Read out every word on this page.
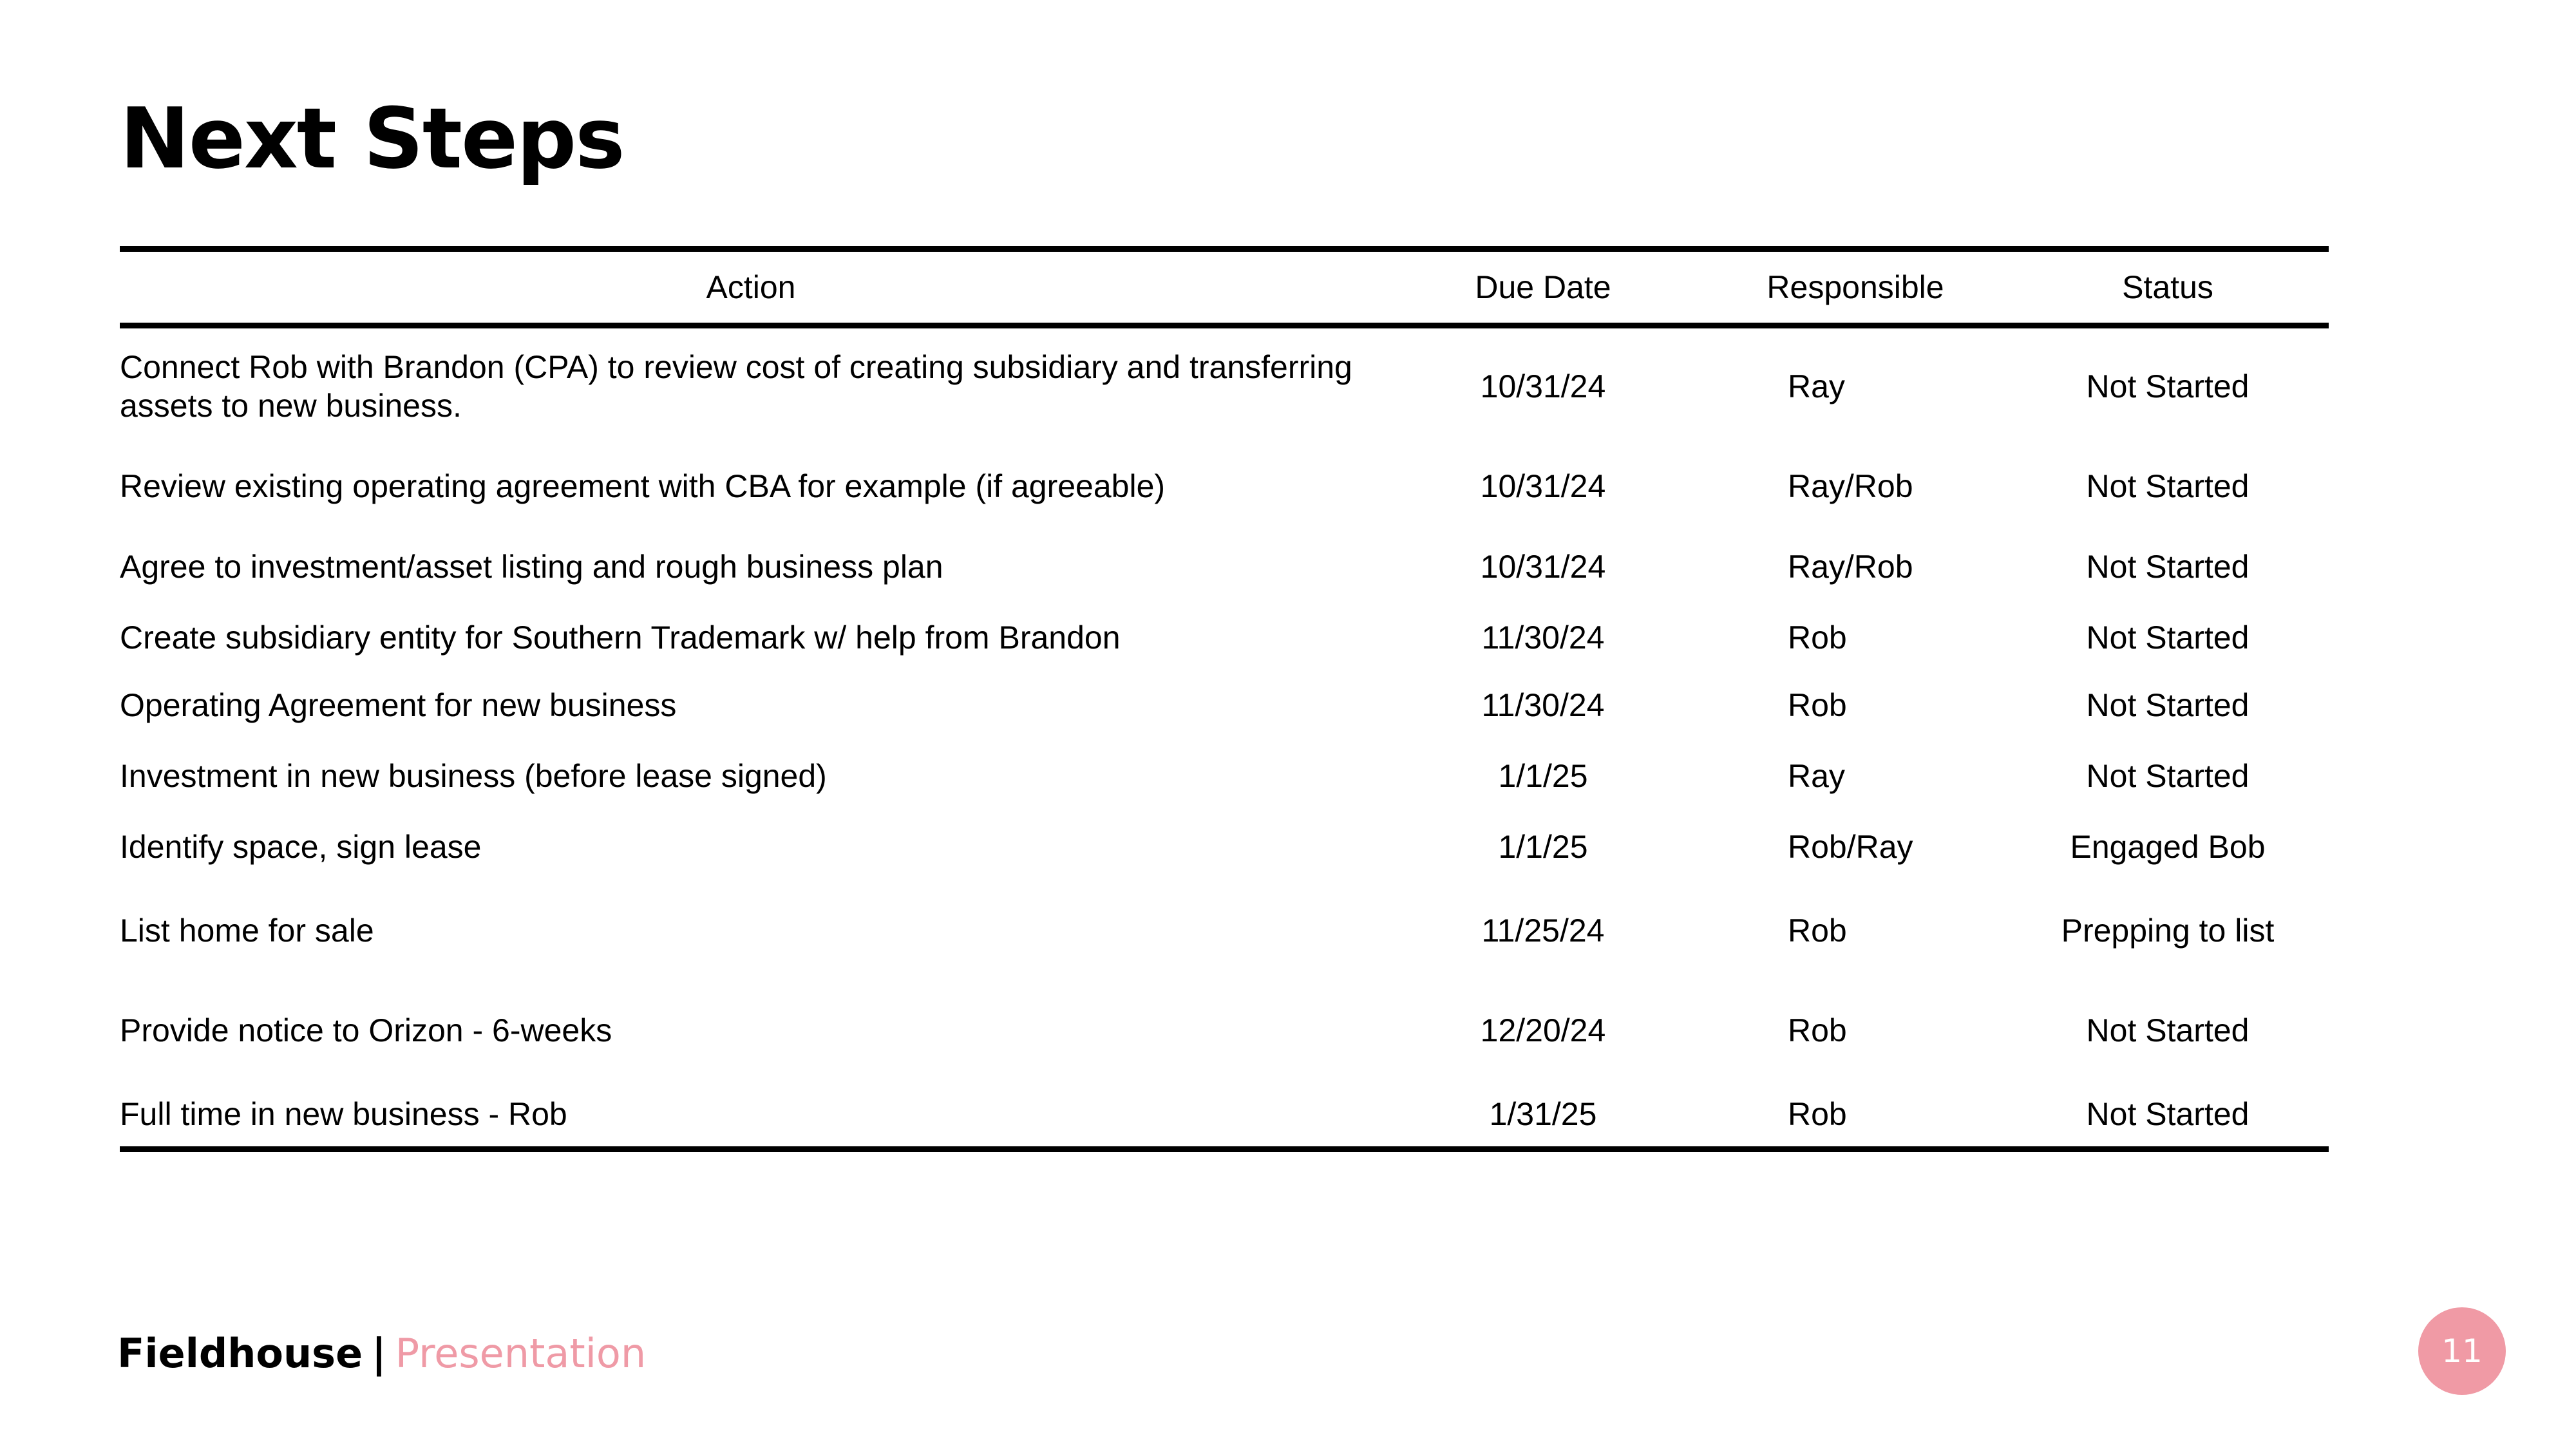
Next Steps
Action	Due Date	Responsible	Status
Connect Rob with Brandon (CPA) to review cost of creating subsidiary and transferring assets to new business.	10/31/24	Ray	Not Started
Review existing operating agreement with CBA for example (if agreeable)	10/31/24	Ray/Rob	Not Started
Agree to investment/asset listing and rough business plan	10/31/24	Ray/Rob	Not Started
Create subsidiary entity for Southern Trademark w/ help from Brandon	11/30/24	Rob	Not Started
Operating Agreement for new business	11/30/24	Rob	Not Started
Investment in new business (before lease signed)	1/1/25	Ray	Not Started
Identify space, sign lease	1/1/25	Rob/Ray	Engaged Bob
List home for sale	11/25/24	Rob	Prepping to list
Provide notice to Orizon - 6-weeks	12/20/24	Rob	Not Started
Full time in new business - Rob	1/31/25	Rob	Not Started
Fieldhouse | Presentation	11
